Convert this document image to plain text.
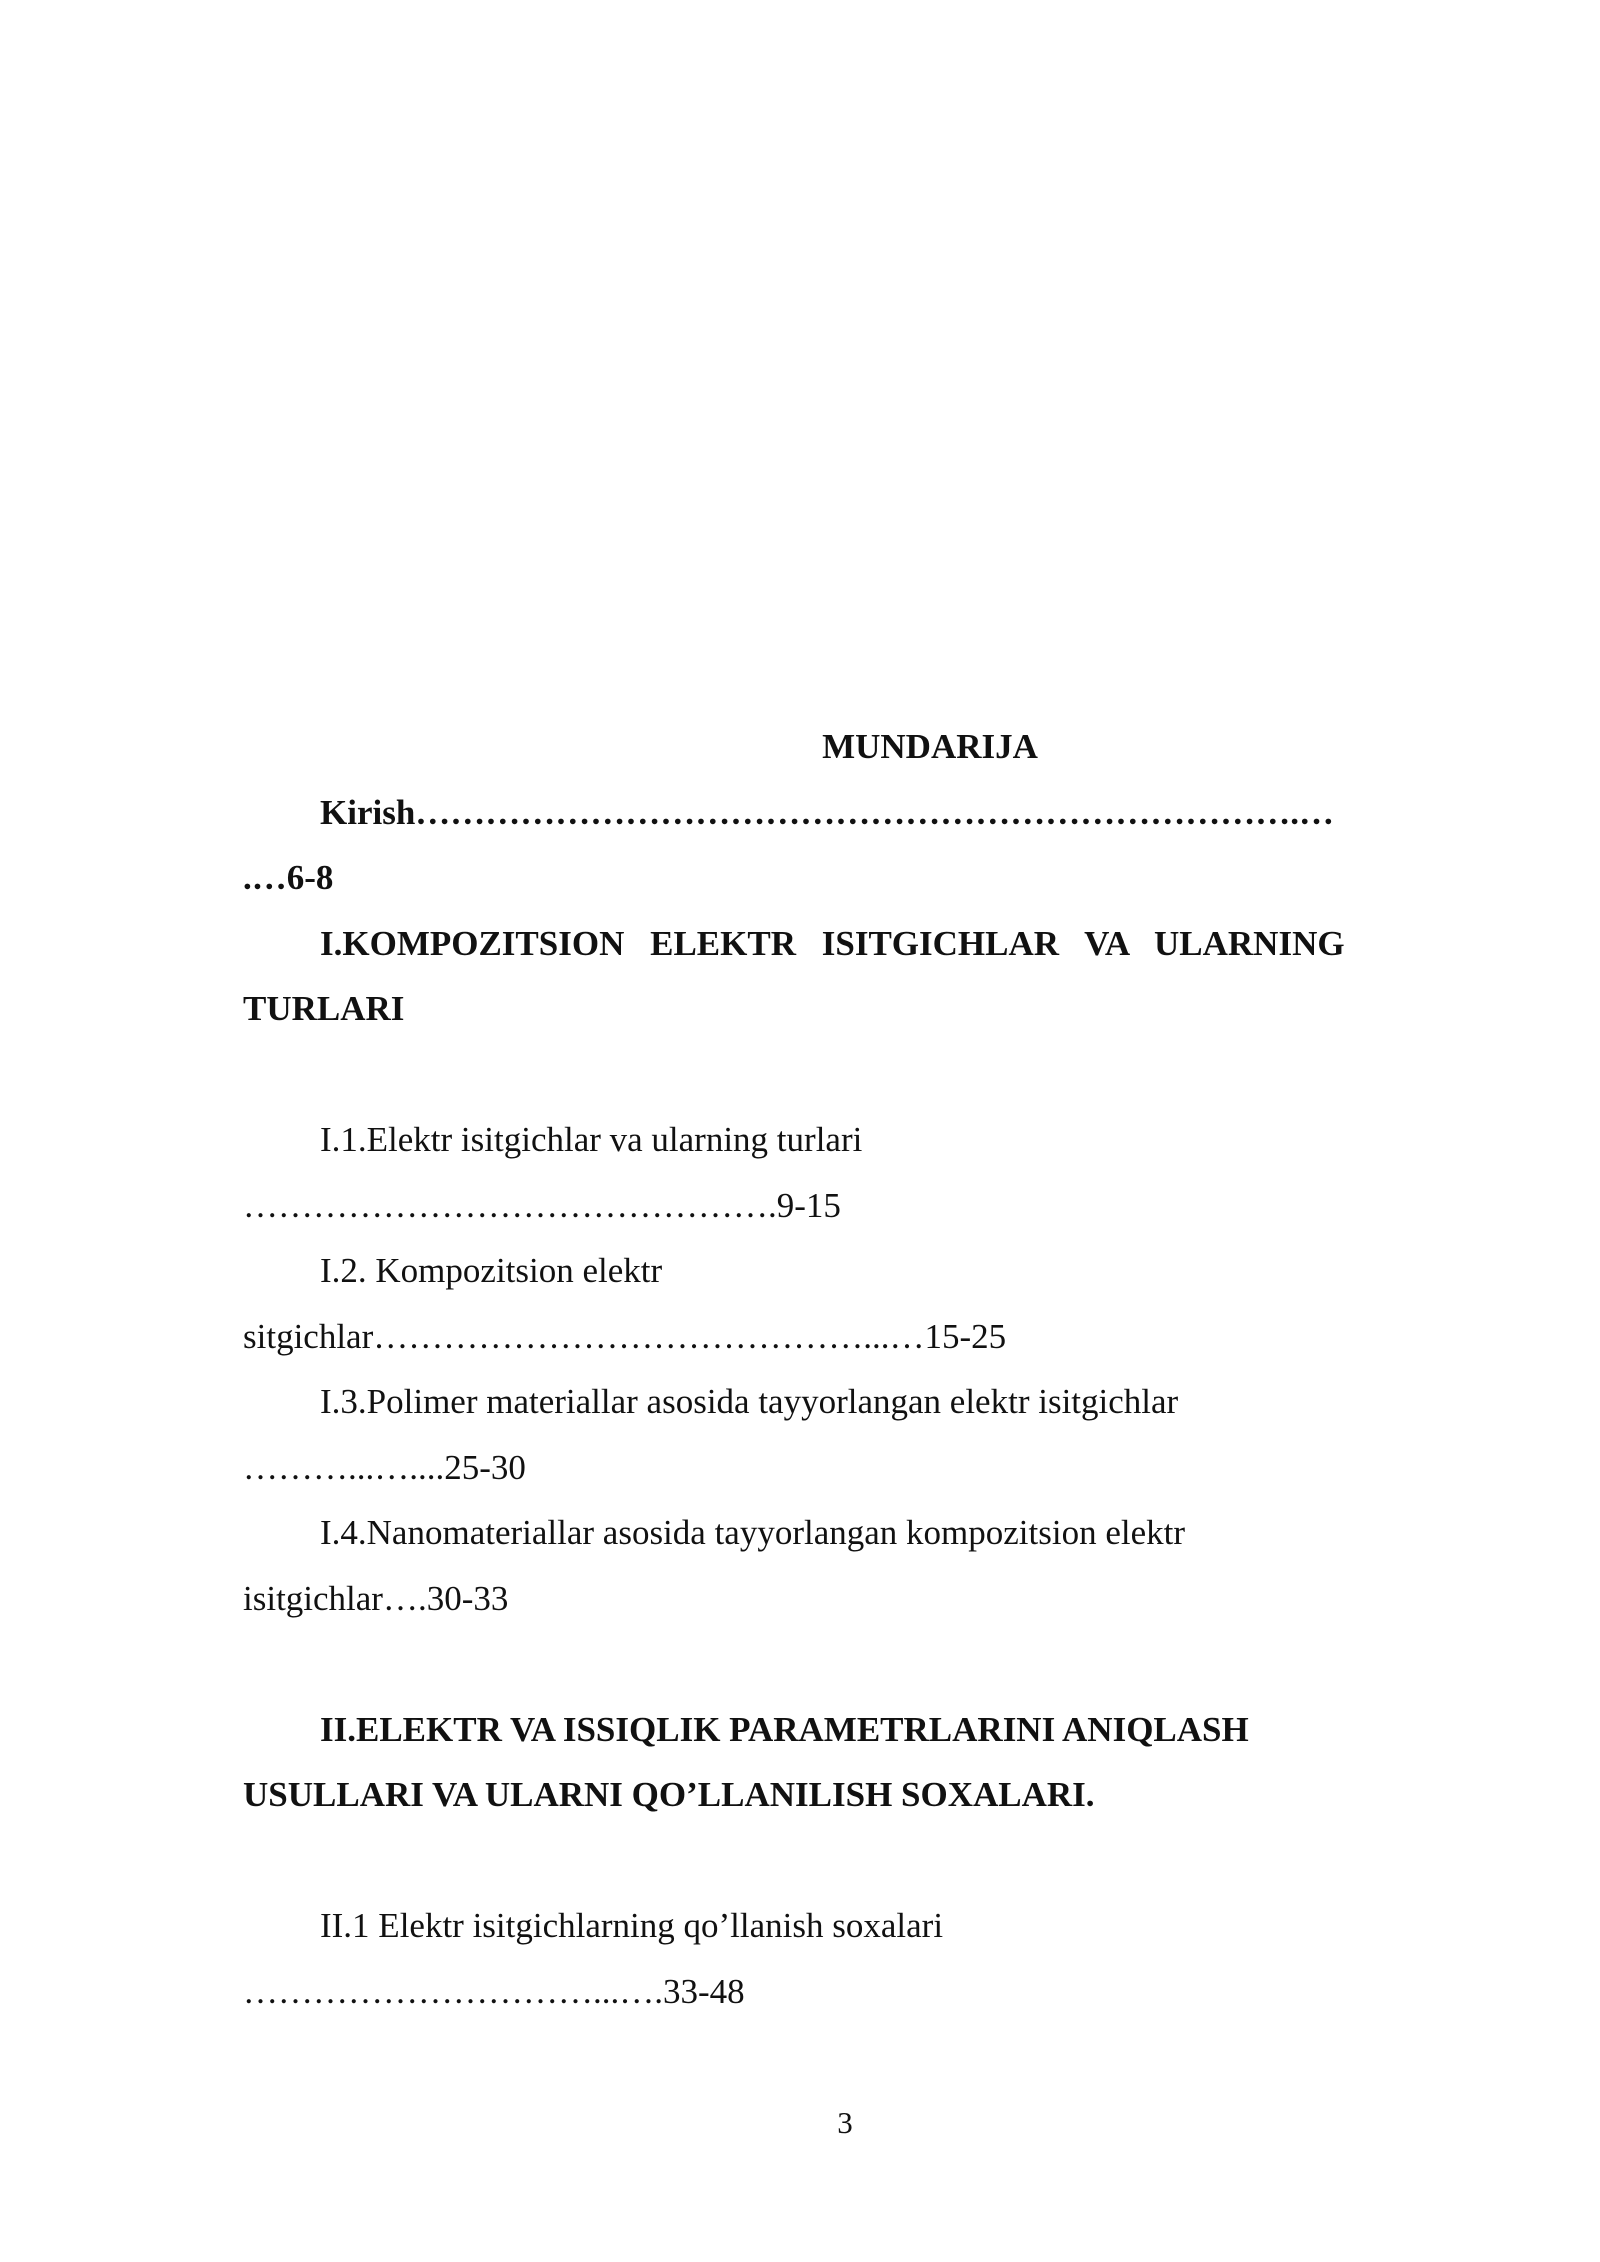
MUNDARIJA

Kirish………………………………………………………………….…
.…6-8
I.KOMPOZITSION ELEKTR ISITGICHLAR VA ULARNING
TURLARI
I.1.Elektr isitgichlar va ularning turlari
……………………………………….9-15
I.2. Kompozitsion elektr
sitgichlar……………………………………...…15-25
I.3.Polimer materiallar asosida tayyorlangan elektr isitgichlar
………...…....25-30
I.4.Nanomateriallar asosida tayyorlangan kompozitsion elektr
isitgichlar….30-33
II.ELEKTR VA ISSIQLIK PARAMETRLARINI ANIQLASH
USULLARI VA ULARNI QO’LLANILISH SOXALARI.
II.1 Elektr isitgichlarning qo’llanish soxalari
…………………………...….33-48
3
